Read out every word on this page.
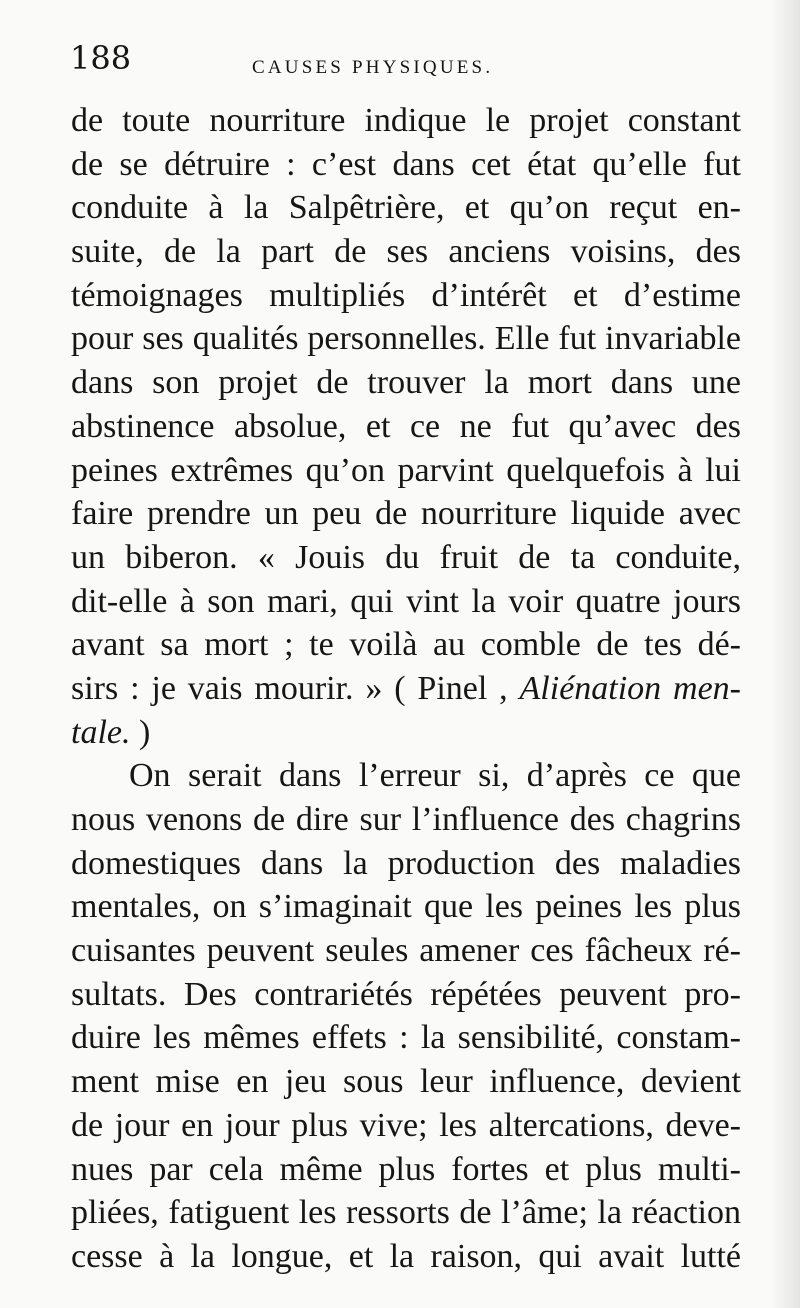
188	CAUSES PHYSIQUES.
de toute nourriture indique le projet constant
de se détruire : c’est dans cet état qu’elle fut
conduite à la Salpêtrière, et qu’on reçut en-
suite, de la part de ses anciens voisins, des
témoignages multipliés d’intérêt et d’estime
pour ses qualités personnelles. Elle fut invariable
dans son projet de trouver la mort dans une
abstinence absolue, et ce ne fut qu’avec des
peines extrêmes qu’on parvint quelquefois à lui
faire prendre un peu de nourriture liquide avec
un biberon. « Jouis du fruit de ta conduite,
dit-elle à son mari, qui vint la voir quatre jours
avant sa mort ; te voilà au comble de tes dé-
sirs : je vais mourir. » ( Pinel , Aliénation men-
tale. )
On serait dans l’erreur si, d’après ce que
nous venons de dire sur l’influence des chagrins
domestiques dans la production des maladies
mentales, on s’imaginait que les peines les plus
cuisantes peuvent seules amener ces fâcheux ré-
sultats. Des contrariétés répétées peuvent pro-
duire les mêmes effets : la sensibilité, constam-
ment mise en jeu sous leur influence, devient
de jour en jour plus vive; les altercations, deve-
nues par cela même plus fortes et plus multi-
pliées, fatiguent les ressorts de l’âme; la réaction
cesse à la longue, et la raison, qui avait lutté
